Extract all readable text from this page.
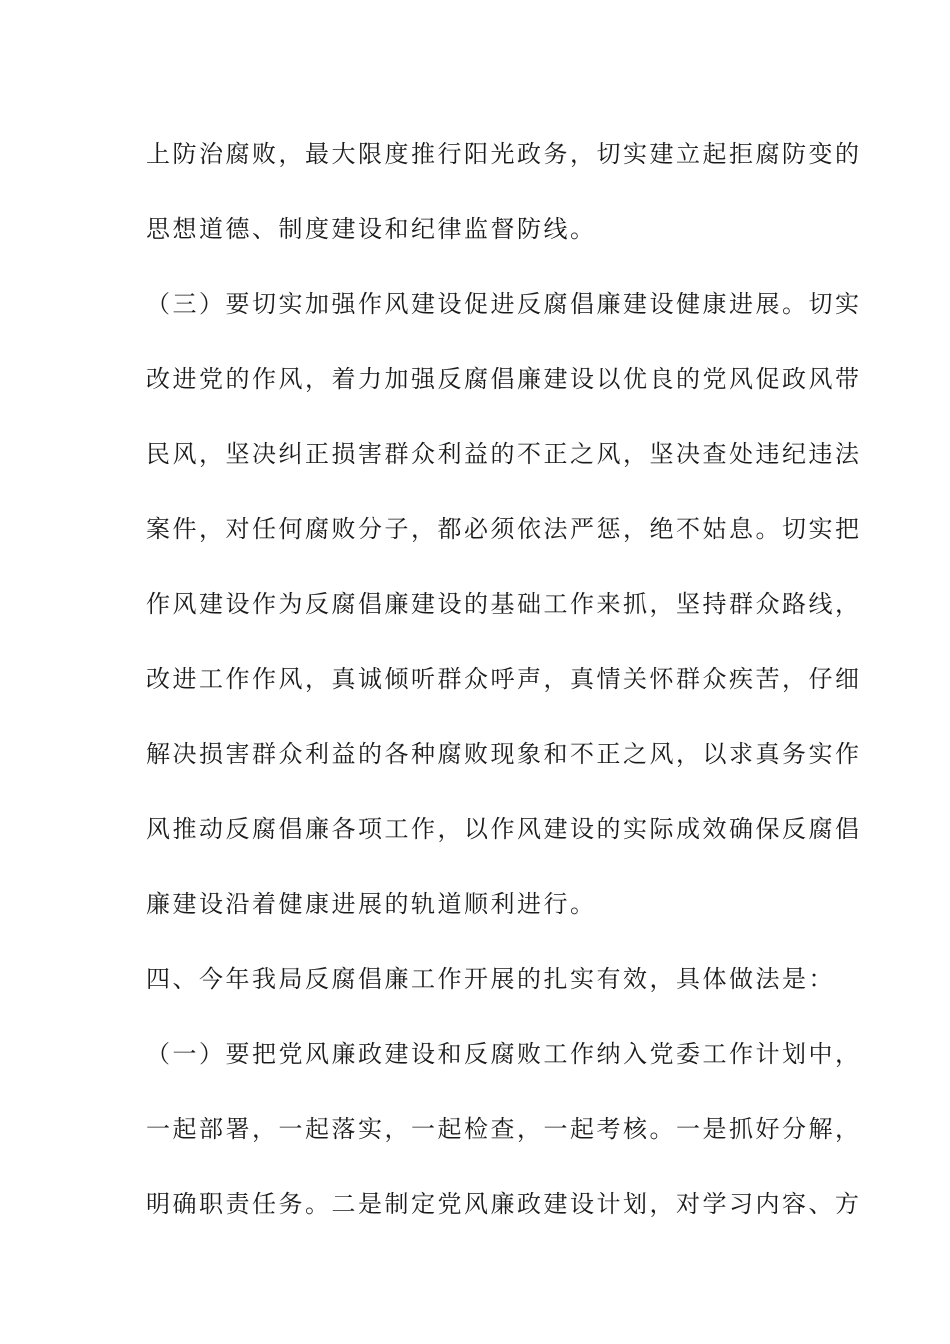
上防治腐败，最大限度推行阳光政务，切实建立起拒腐防变的
思想道德、制度建设和纪律监督防线。
（三）要切实加强作风建设促进反腐倡廉建设健康进展。切实
改进党的作风，着力加强反腐倡廉建设以优良的党风促政风带
民风，坚决纠正损害群众利益的不正之风，坚决查处违纪违法
案件，对任何腐败分子，都必须依法严惩，绝不姑息。切实把
作风建设作为反腐倡廉建设的基础工作来抓，坚持群众路线，
改进工作作风，真诚倾听群众呼声，真情关怀群众疾苦，仔细
解决损害群众利益的各种腐败现象和不正之风，以求真务实作
风推动反腐倡廉各项工作，以作风建设的实际成效确保反腐倡
廉建设沿着健康进展的轨道顺利进行。
四、今年我局反腐倡廉工作开展的扎实有效，具体做法是：
（一）要把党风廉政建设和反腐败工作纳入党委工作计划中，
一起部署，一起落实，一起检查，一起考核。一是抓好分解，
明确职责任务。二是制定党风廉政建设计划，对学习内容、方
